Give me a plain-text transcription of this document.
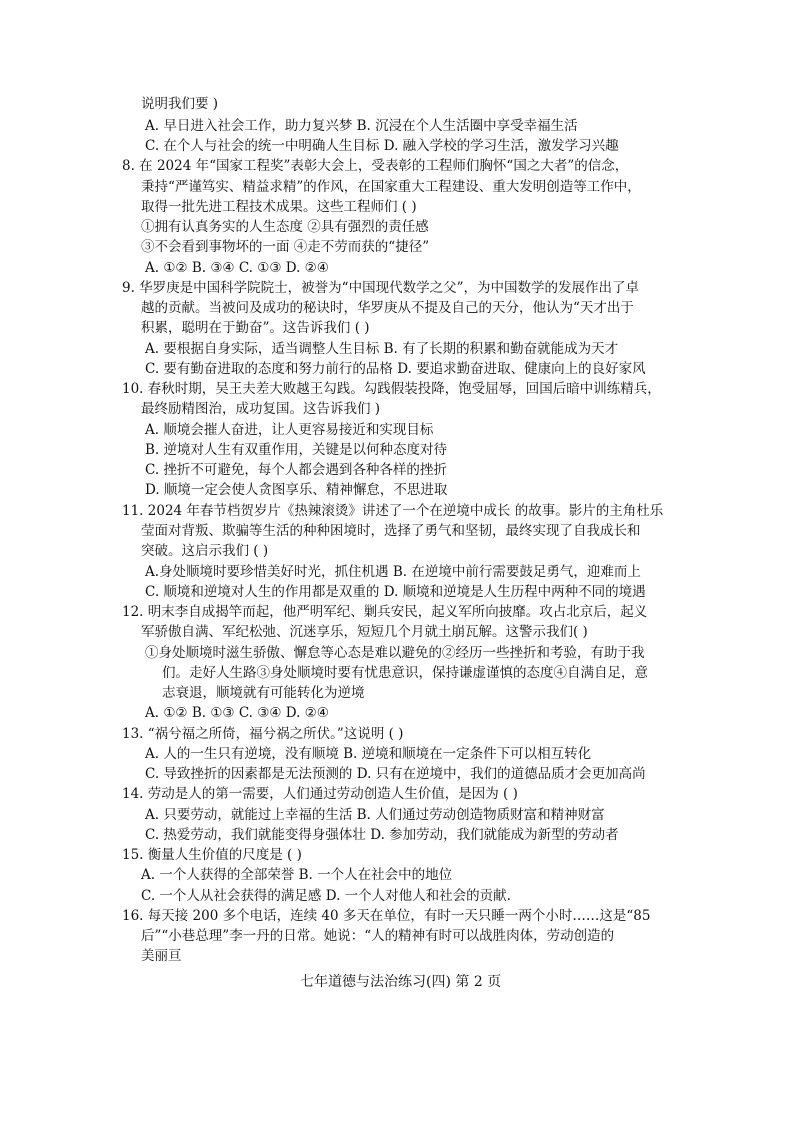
说明我们要 )
A. 早日进入社会工作，助力复兴梦 B. 沉浸在个人生活圈中享受幸福生活
C. 在个人与社会的统一中明确人生目标 D. 融入学校的学习生活，激发学习兴趣
8. 在 2024 年“国家工程奖”表彰大会上，受表彰的工程师们胸怀“国之大者”的信念，
秉持“严谨笃实、精益求精”的作风，在国家重大工程建设、重大发明创造等工作中，
取得一批先进工程技术成果。这些工程师们 ( )
①拥有认真务实的人生态度 ②具有强烈的责任感
③不会看到事物坏的一面 ④走不劳而获的“捷径”
A. ①② B. ③④ C. ①③ D. ②④
9. 华罗庚是中国科学院院士，被誉为“中国现代数学之父”，为中国数学的发展作出了卓
越的贡献。当被问及成功的秘诀时，华罗庚从不提及自己的天分，他认为“天才出于
积累，聪明在于勤奋”。这告诉我们 ( )
A. 要根据自身实际，适当调整人生目标 B. 有了长期的积累和勤奋就能成为天才
C. 要有勤奋进取的态度和努力前行的品格 D. 要追求勤奋进取、健康向上的良好家风
10. 春秋时期，吴王夫差大败越王勾践。勾践假装投降，饱受屈辱，回国后暗中训练精兵，
最终励精图治，成功复国。这告诉我们 )
A. 顺境会摧人奋进，让人更容易接近和实现目标
B. 逆境对人生有双重作用，关键是以何种态度对待
C. 挫折不可避免，每个人都会遇到各种各样的挫折
D. 顺境一定会使人贪图享乐、精神懈怠，不思进取
11. 2024 年春节档贺岁片《热辣滚烫》讲述了一个在逆境中成长 的故事。影片的主角杜乐
莹面对背叛、欺骗等生活的种种困境时，选择了勇气和坚韧，最终实现了自我成长和
突破。这启示我们 ( )
A.身处顺境时要珍惜美好时光，抓住机遇 B. 在逆境中前行需要鼓足勇气，迎难而上
C. 顺境和逆境对人生的作用都是双重的 D. 顺境和逆境是人生历程中两种不同的境遇
12. 明末李自成揭竿而起，他严明军纪、剿兵安民，起义军所向披靡。攻占北京后，起义
军骄傲自满、军纪松弛、沉迷享乐，短短几个月就土崩瓦解。这警示我们( )
①身处顺境时滋生骄傲、懈怠等心态是难以避免的②经历一些挫折和考验，有助于我
们。走好人生路③身处顺境时要有忧患意识，保持谦虚谨慎的态度④自满自足，意
志衰退，顺境就有可能转化为逆境
A. ①② B. ①③ C. ③④ D. ②④
13. “祸兮福之所倚，福兮祸之所伏。”这说明 ( )
A. 人的一生只有逆境，没有顺境 B. 逆境和顺境在一定条件下可以相互转化
C. 导致挫折的因素都是无法预测的 D. 只有在逆境中，我们的道德品质才会更加高尚
14. 劳动是人的第一需要，人们通过劳动创造人生价值，是因为 ( )
A. 只要劳动，就能过上幸福的生活 B. 人们通过劳动创造物质财富和精神财富
C. 热爱劳动，我们就能变得身强体壮 D. 参加劳动，我们就能成为新型的劳动者
15. 衡量人生价值的尺度是 ( )
A. 一个人获得的全部荣誉 B. 一个人在社会中的地位
C. 一个人从社会获得的满足感 D. 一个人对他人和社会的贡献.
16. 每天接 200 多个电话，连续 40 多天在单位，有时一天只睡一两个小时……这是“85
后”“小巷总理”李一丹的日常。她说：“人的精神有时可以战胜肉体，劳动创造的
美丽亘
七年道德与法治练习(四) 第 2 页
